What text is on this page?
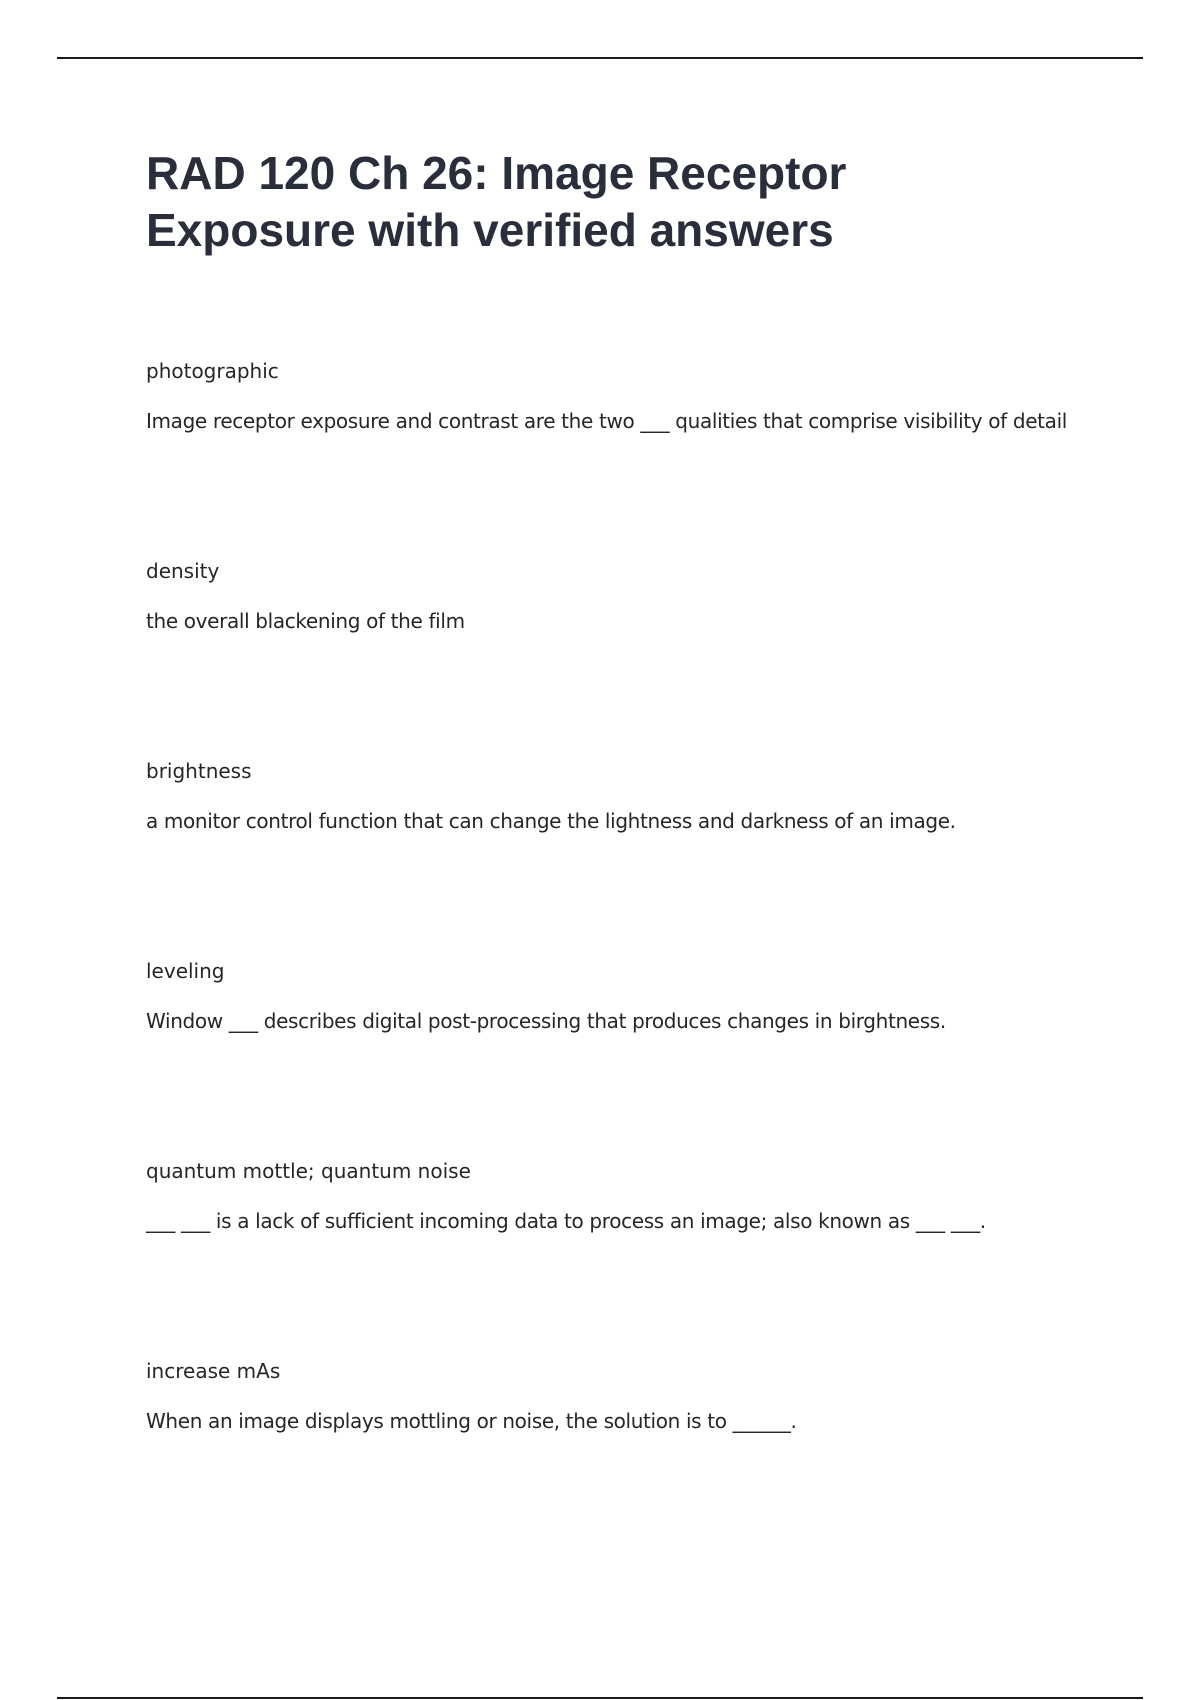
RAD 120 Ch 26: Image Receptor Exposure with verified answers

photographic

Image receptor exposure and contrast are the two ___ qualities that comprise visibility of detail

density

the overall blackening of the film

brightness

a monitor control function that can change the lightness and darkness of an image.

leveling

Window ___ describes digital post-processing that produces changes in birghtness.

quantum mottle; quantum noise

___ ___ is a lack of sufficient incoming data to process an image; also known as ___ ___.

increase mAs

When an image displays mottling or noise, the solution is to ______.
